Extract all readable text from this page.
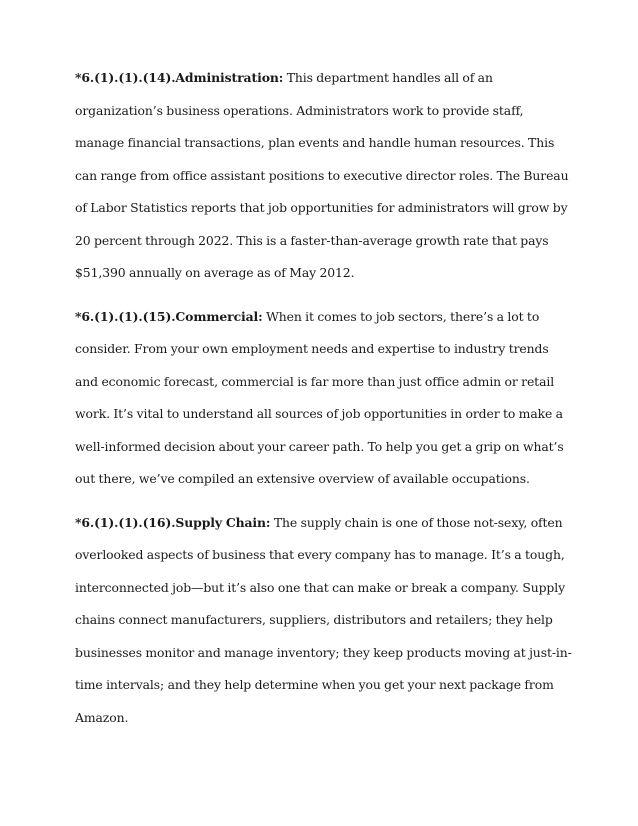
*6.(1).(1).(14).Administration: This department handles all of an organization’s business operations. Administrators work to provide staff, manage financial transactions, plan events and handle human resources. This can range from office assistant positions to executive director roles. The Bureau of Labor Statistics reports that job opportunities for administrators will grow by 20 percent through 2022. This is a faster-than-average growth rate that pays $51,390 annually on average as of May 2012.

*6.(1).(1).(15).Commercial: When it comes to job sectors, there’s a lot to consider. From your own employment needs and expertise to industry trends and economic forecast, commercial is far more than just office admin or retail work. It’s vital to understand all sources of job opportunities in order to make a well-informed decision about your career path. To help you get a grip on what’s out there, we’ve compiled an extensive overview of available occupations.

*6.(1).(1).(16).Supply Chain: The supply chain is one of those not-sexy, often overlooked aspects of business that every company has to manage. It’s a tough, interconnected job—but it’s also one that can make or break a company. Supply chains connect manufacturers, suppliers, distributors and retailers; they help businesses monitor and manage inventory; they keep products moving at just-in-time intervals; and they help determine when you get your next package from Amazon.
